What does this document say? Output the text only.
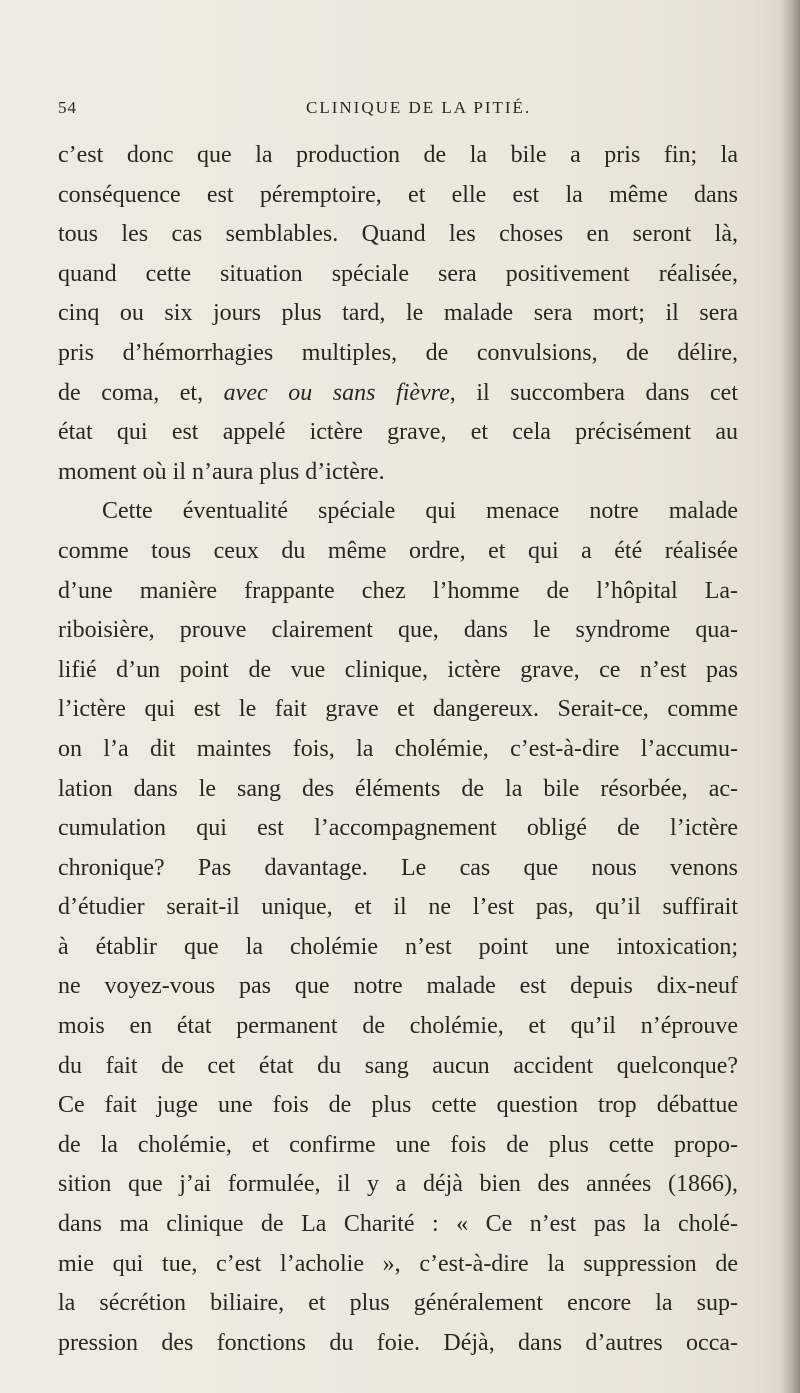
54	CLINIQUE DE LA PITIÉ.
c’est donc que la production de la bile a pris fin; la
conséquence est péremptoire, et elle est la même dans
tous les cas semblables. Quand les choses en seront là,
quand cette situation spéciale sera positivement réalisée,
cinq ou six jours plus tard, le malade sera mort; il sera
pris d’hémorrhagies multiples, de convulsions, de délire,
de coma, et, avec ou sans fièvre, il succombera dans cet
état qui est appelé ictère grave, et cela précisément au
moment où il n’aura plus d’ictère.
Cette éventualité spéciale qui menace notre malade
comme tous ceux du même ordre, et qui a été réalisée
d’une manière frappante chez l’homme de l’hôpital La-
riboisière, prouve clairement que, dans le syndrome qua-
lifié d’un point de vue clinique, ictère grave, ce n’est pas
l’ictère qui est le fait grave et dangereux. Serait-ce, comme
on l’a dit maintes fois, la cholémie, c’est-à-dire l’accumu-
lation dans le sang des éléments de la bile résorbée, ac-
cumulation qui est l’accompagnement obligé de l’ictère
chronique? Pas davantage. Le cas que nous venons
d’étudier serait-il unique, et il ne l’est pas, qu’il suffirait
à établir que la cholémie n’est point une intoxication;
ne voyez-vous pas que notre malade est depuis dix-neuf
mois en état permanent de cholémie, et qu’il n’éprouve
du fait de cet état du sang aucun accident quelconque?
Ce fait juge une fois de plus cette question trop débattue
de la cholémie, et confirme une fois de plus cette propo-
sition que j’ai formulée, il y a déjà bien des années (1866),
dans ma clinique de La Charité : « Ce n’est pas la cholé-
mie qui tue, c’est l’acholie », c’est-à-dire la suppression de
la sécrétion biliaire, et plus généralement encore la sup-
pression des fonctions du foie. Déjà, dans d’autres occa-
